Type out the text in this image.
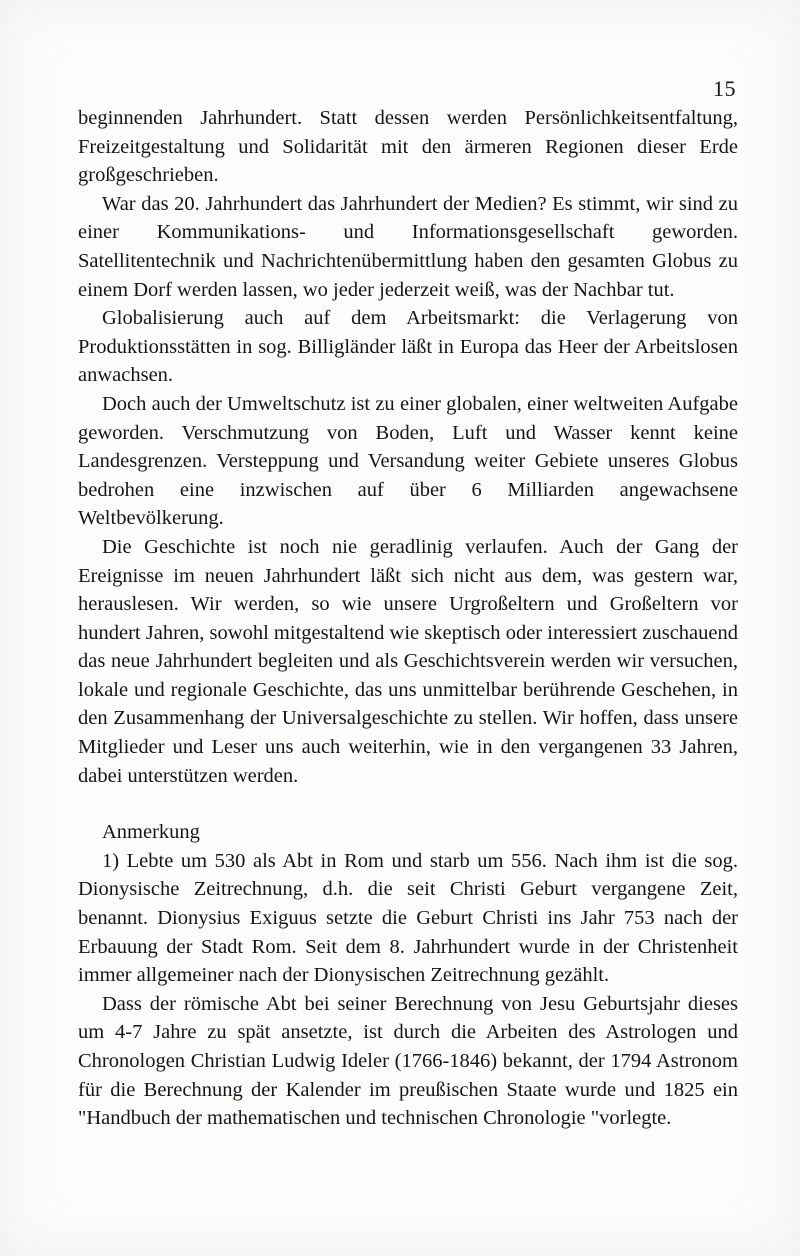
15

beginnenden Jahrhundert. Statt dessen werden Persönlichkeitsentfaltung, Freizeitgestaltung und Solidarität mit den ärmeren Regionen dieser Erde großgeschrieben.

War das 20. Jahrhundert das Jahrhundert der Medien? Es stimmt, wir sind zu einer Kommunikations- und Informationsgesellschaft geworden. Satellitentechnik und Nachrichtenübermittlung haben den gesamten Globus zu einem Dorf werden lassen, wo jeder jederzeit weiß, was der Nachbar tut.

Globalisierung auch auf dem Arbeitsmarkt: die Verlagerung von Produktionsstätten in sog. Billigländer läßt in Europa das Heer der Arbeitslosen anwachsen.

Doch auch der Umweltschutz ist zu einer globalen, einer weltweiten Aufgabe geworden. Verschmutzung von Boden, Luft und Wasser kennt keine Landesgrenzen. Versteppung und Versandung weiter Gebiete unseres Globus bedrohen eine inzwischen auf über 6 Milliarden angewachsene Weltbevölkerung.

Die Geschichte ist noch nie geradlinig verlaufen. Auch der Gang der Ereignisse im neuen Jahrhundert läßt sich nicht aus dem, was gestern war, herauslesen. Wir werden, so wie unsere Urgroßeltern und Großeltern vor hundert Jahren, sowohl mitgestaltend wie skeptisch oder interessiert zuschauend das neue Jahrhundert begleiten und als Geschichtsverein werden wir versuchen, lokale und regionale Geschichte, das uns unmittelbar berührende Geschehen, in den Zusammenhang der Universalgeschichte zu stellen. Wir hoffen, dass unsere Mitglieder und Leser uns auch weiterhin, wie in den vergangenen 33 Jahren, dabei unterstützen werden.

Anmerkung

1) Lebte um 530 als Abt in Rom und starb um 556. Nach ihm ist die sog. Dionysische Zeitrechnung, d.h. die seit Christi Geburt vergangene Zeit, benannt. Dionysius Exiguus setzte die Geburt Christi ins Jahr 753 nach der Erbauung der Stadt Rom. Seit dem 8. Jahrhundert wurde in der Christenheit immer allgemeiner nach der Dionysischen Zeitrechnung gezählt.

Dass der römische Abt bei seiner Berechnung von Jesu Geburtsjahr dieses um 4-7 Jahre zu spät ansetzte, ist durch die Arbeiten des Astrologen und Chronologen Christian Ludwig Ideler (1766-1846) bekannt, der 1794 Astronom für die Berechnung der Kalender im preußischen Staate wurde und 1825 ein "Handbuch der mathematischen und technischen Chronologie "vorlegte.
